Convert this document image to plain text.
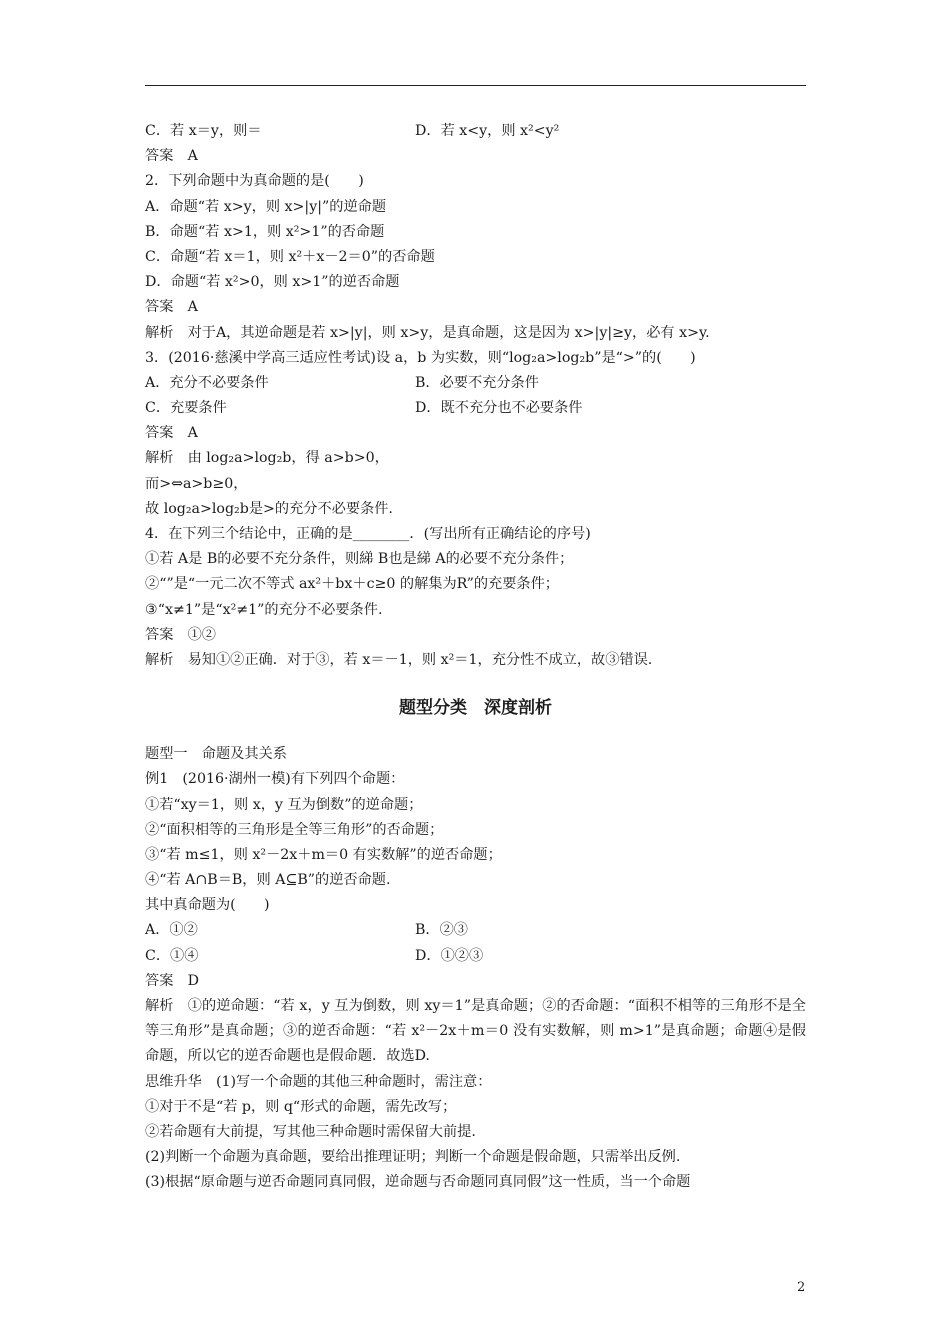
C．若 x＝y，则＝	D．若 x<y，则 x²<y²
答案　A
2．下列命题中为真命题的是(　　)
A．命题“若 x>y，则 x>|y|”的逆命题
B．命题“若 x>1，则 x²>1”的否命题
C．命题“若 x＝1，则 x²＋x－2＝0”的否命题
D．命题“若 x²>0，则 x>1”的逆否命题
答案　A
解析　对于A，其逆命题是若 x>|y|，则 x>y，是真命题，这是因为 x>|y|≥y，必有 x>y.
3．(2016·慈溪中学高三适应性考试)设 a，b 为实数，则“log₂a>log₂b”是“>”的(　　)
A．充分不必要条件	B．必要不充分条件
C．充要条件	D．既不充分也不必要条件
答案　A
解析　由 log₂a>log₂b，得 a>b>0，
而>⇔a>b≥0，
故 log₂a>log₂b是>的充分不必要条件.
4．在下列三个结论中，正确的是________．(写出所有正确结论的序号)
①若 A是 B的必要不充分条件，则綈 B也是綈 A的必要不充分条件；
②“”是“一元二次不等式 ax²＋bx＋c≥0 的解集为R”的充要条件；
③“x≠1”是“x²≠1”的充分不必要条件.
答案　①②
解析　易知①②正确．对于③，若 x＝－1，则 x²＝1，充分性不成立，故③错误.
题型分类　深度剖析
题型一　命题及其关系
例1　(2016·湖州一模)有下列四个命题：
①若“xy＝1，则 x，y 互为倒数”的逆命题；
②“面积相等的三角形是全等三角形”的否命题；
③“若 m≤1，则 x²－2x＋m＝0 有实数解”的逆否命题；
④“若 A∩B＝B，则 A⊆B”的逆否命题.
其中真命题为(　　)
A．①②	B．②③
C．①④	D．①②③
答案　D
解析　①的逆命题：“若 x，y 互为倒数，则 xy＝1”是真命题；②的否命题：“面积不相等的三角形不是全等三角形”是真命题；③的逆否命题：“若 x²－2x＋m＝0 没有实数解，则 m>1”是真命题；命题④是假命题，所以它的逆否命题也是假命题．故选D.
思维升华　(1)写一个命题的其他三种命题时，需注意：
①对于不是“若 p，则 q“形式的命题，需先改写；
②若命题有大前提，写其他三种命题时需保留大前提.
(2)判断一个命题为真命题，要给出推理证明；判断一个命题是假命题，只需举出反例.
(3)根据“原命题与逆否命题同真同假，逆命题与否命题同真同假”这一性质，当一个命题
2
